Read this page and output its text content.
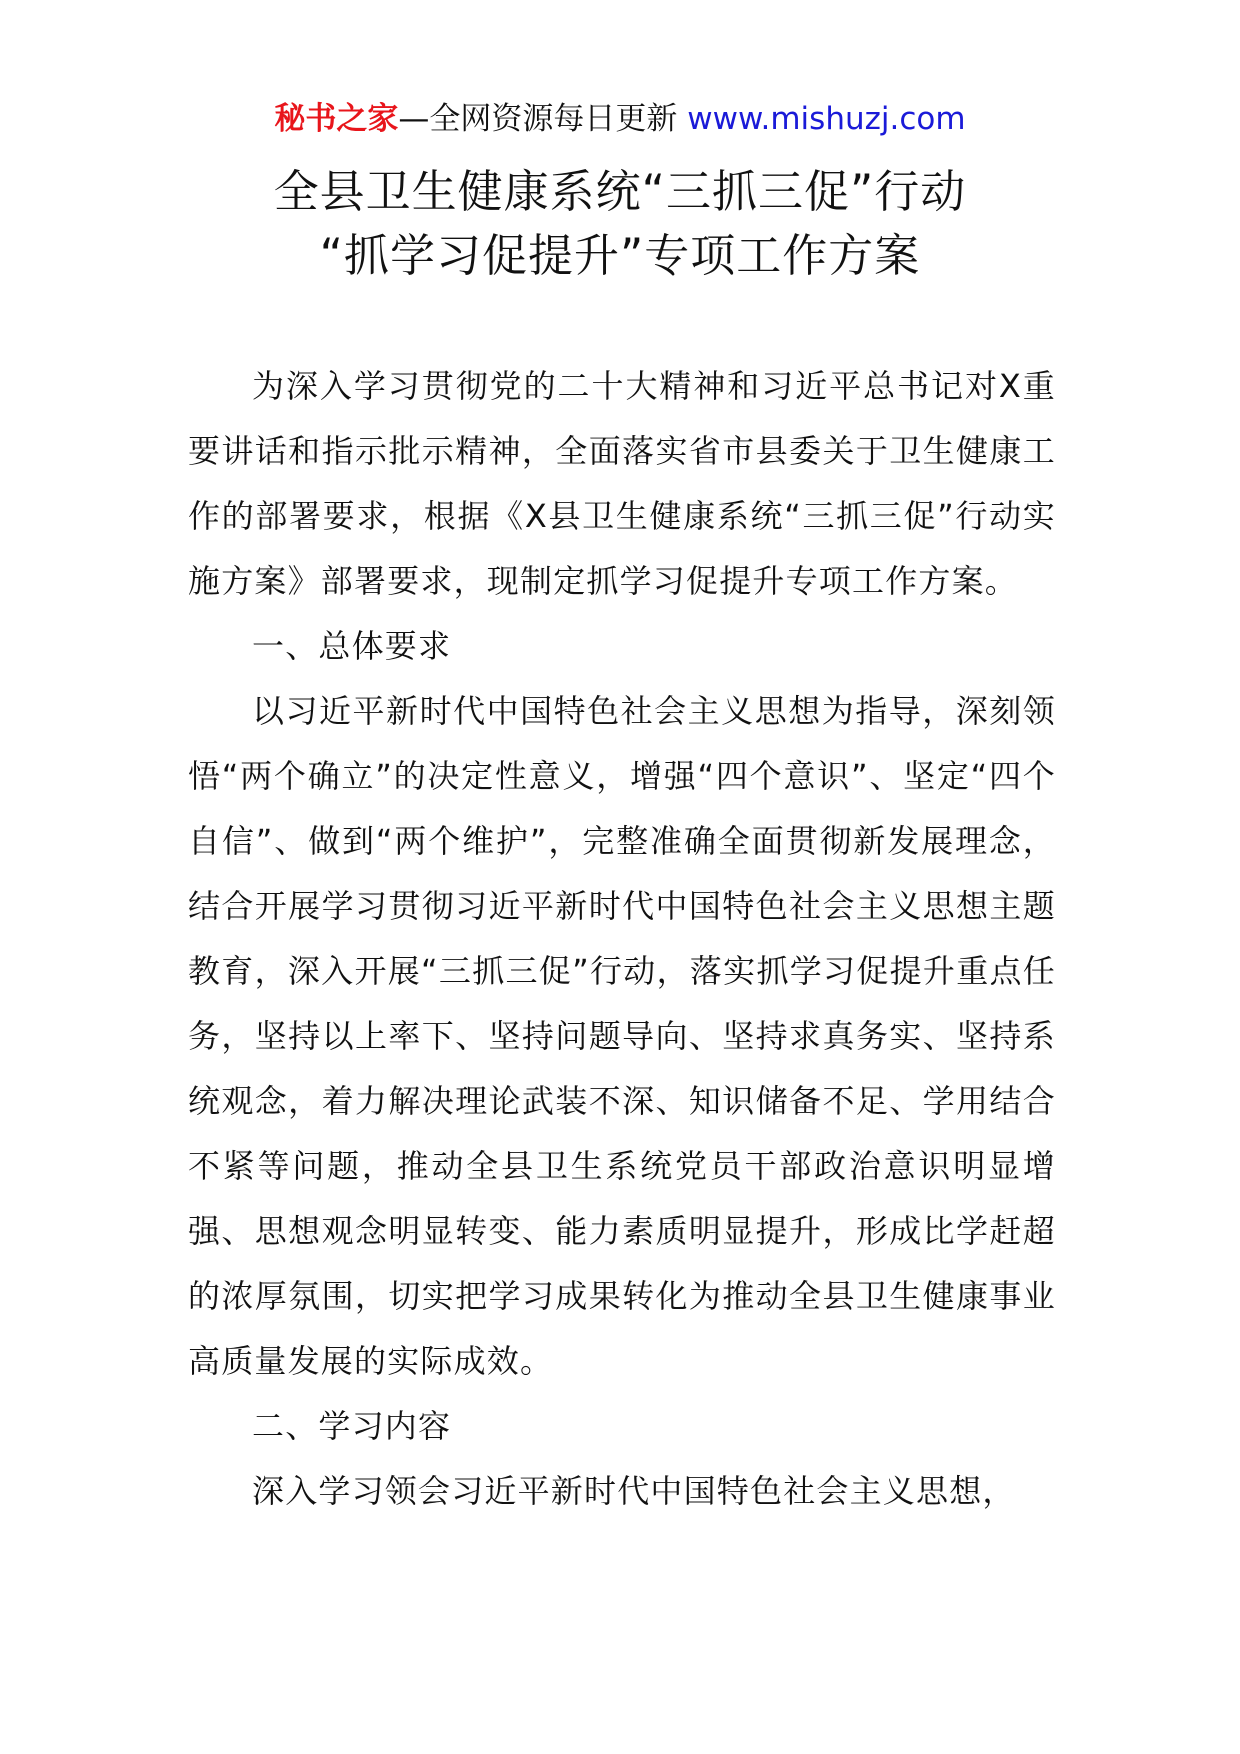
秘书之家—全网资源每日更新 www.mishuzj.com
全县卫生健康系统“三抓三促”行动
“抓学习促提升”专项工作方案

为深入学习贯彻党的二十大精神和习近平总书记对X重要讲话和指示批示精神，全面落实省市县委关于卫生健康工作的部署要求，根据《X县卫生健康系统“三抓三促”行动实施方案》部署要求，现制定抓学习促提升专项工作方案。

一、总体要求

以习近平新时代中国特色社会主义思想为指导，深刻领悟“两个确立”的决定性意义，增强“四个意识”、坚定“四个自信”、做到“两个维护”，完整准确全面贯彻新发展理念，结合开展学习贯彻习近平新时代中国特色社会主义思想主题教育，深入开展“三抓三促”行动，落实抓学习促提升重点任务，坚持以上率下、坚持问题导向、坚持求真务实、坚持系统观念，着力解决理论武装不深、知识储备不足、学用结合不紧等问题，推动全县卫生系统党员干部政治意识明显增强、思想观念明显转变、能力素质明显提升，形成比学赶超的浓厚氛围，切实把学习成果转化为推动全县卫生健康事业高质量发展的实际成效。

二、学习内容

深入学习领会习近平新时代中国特色社会主义思想，
